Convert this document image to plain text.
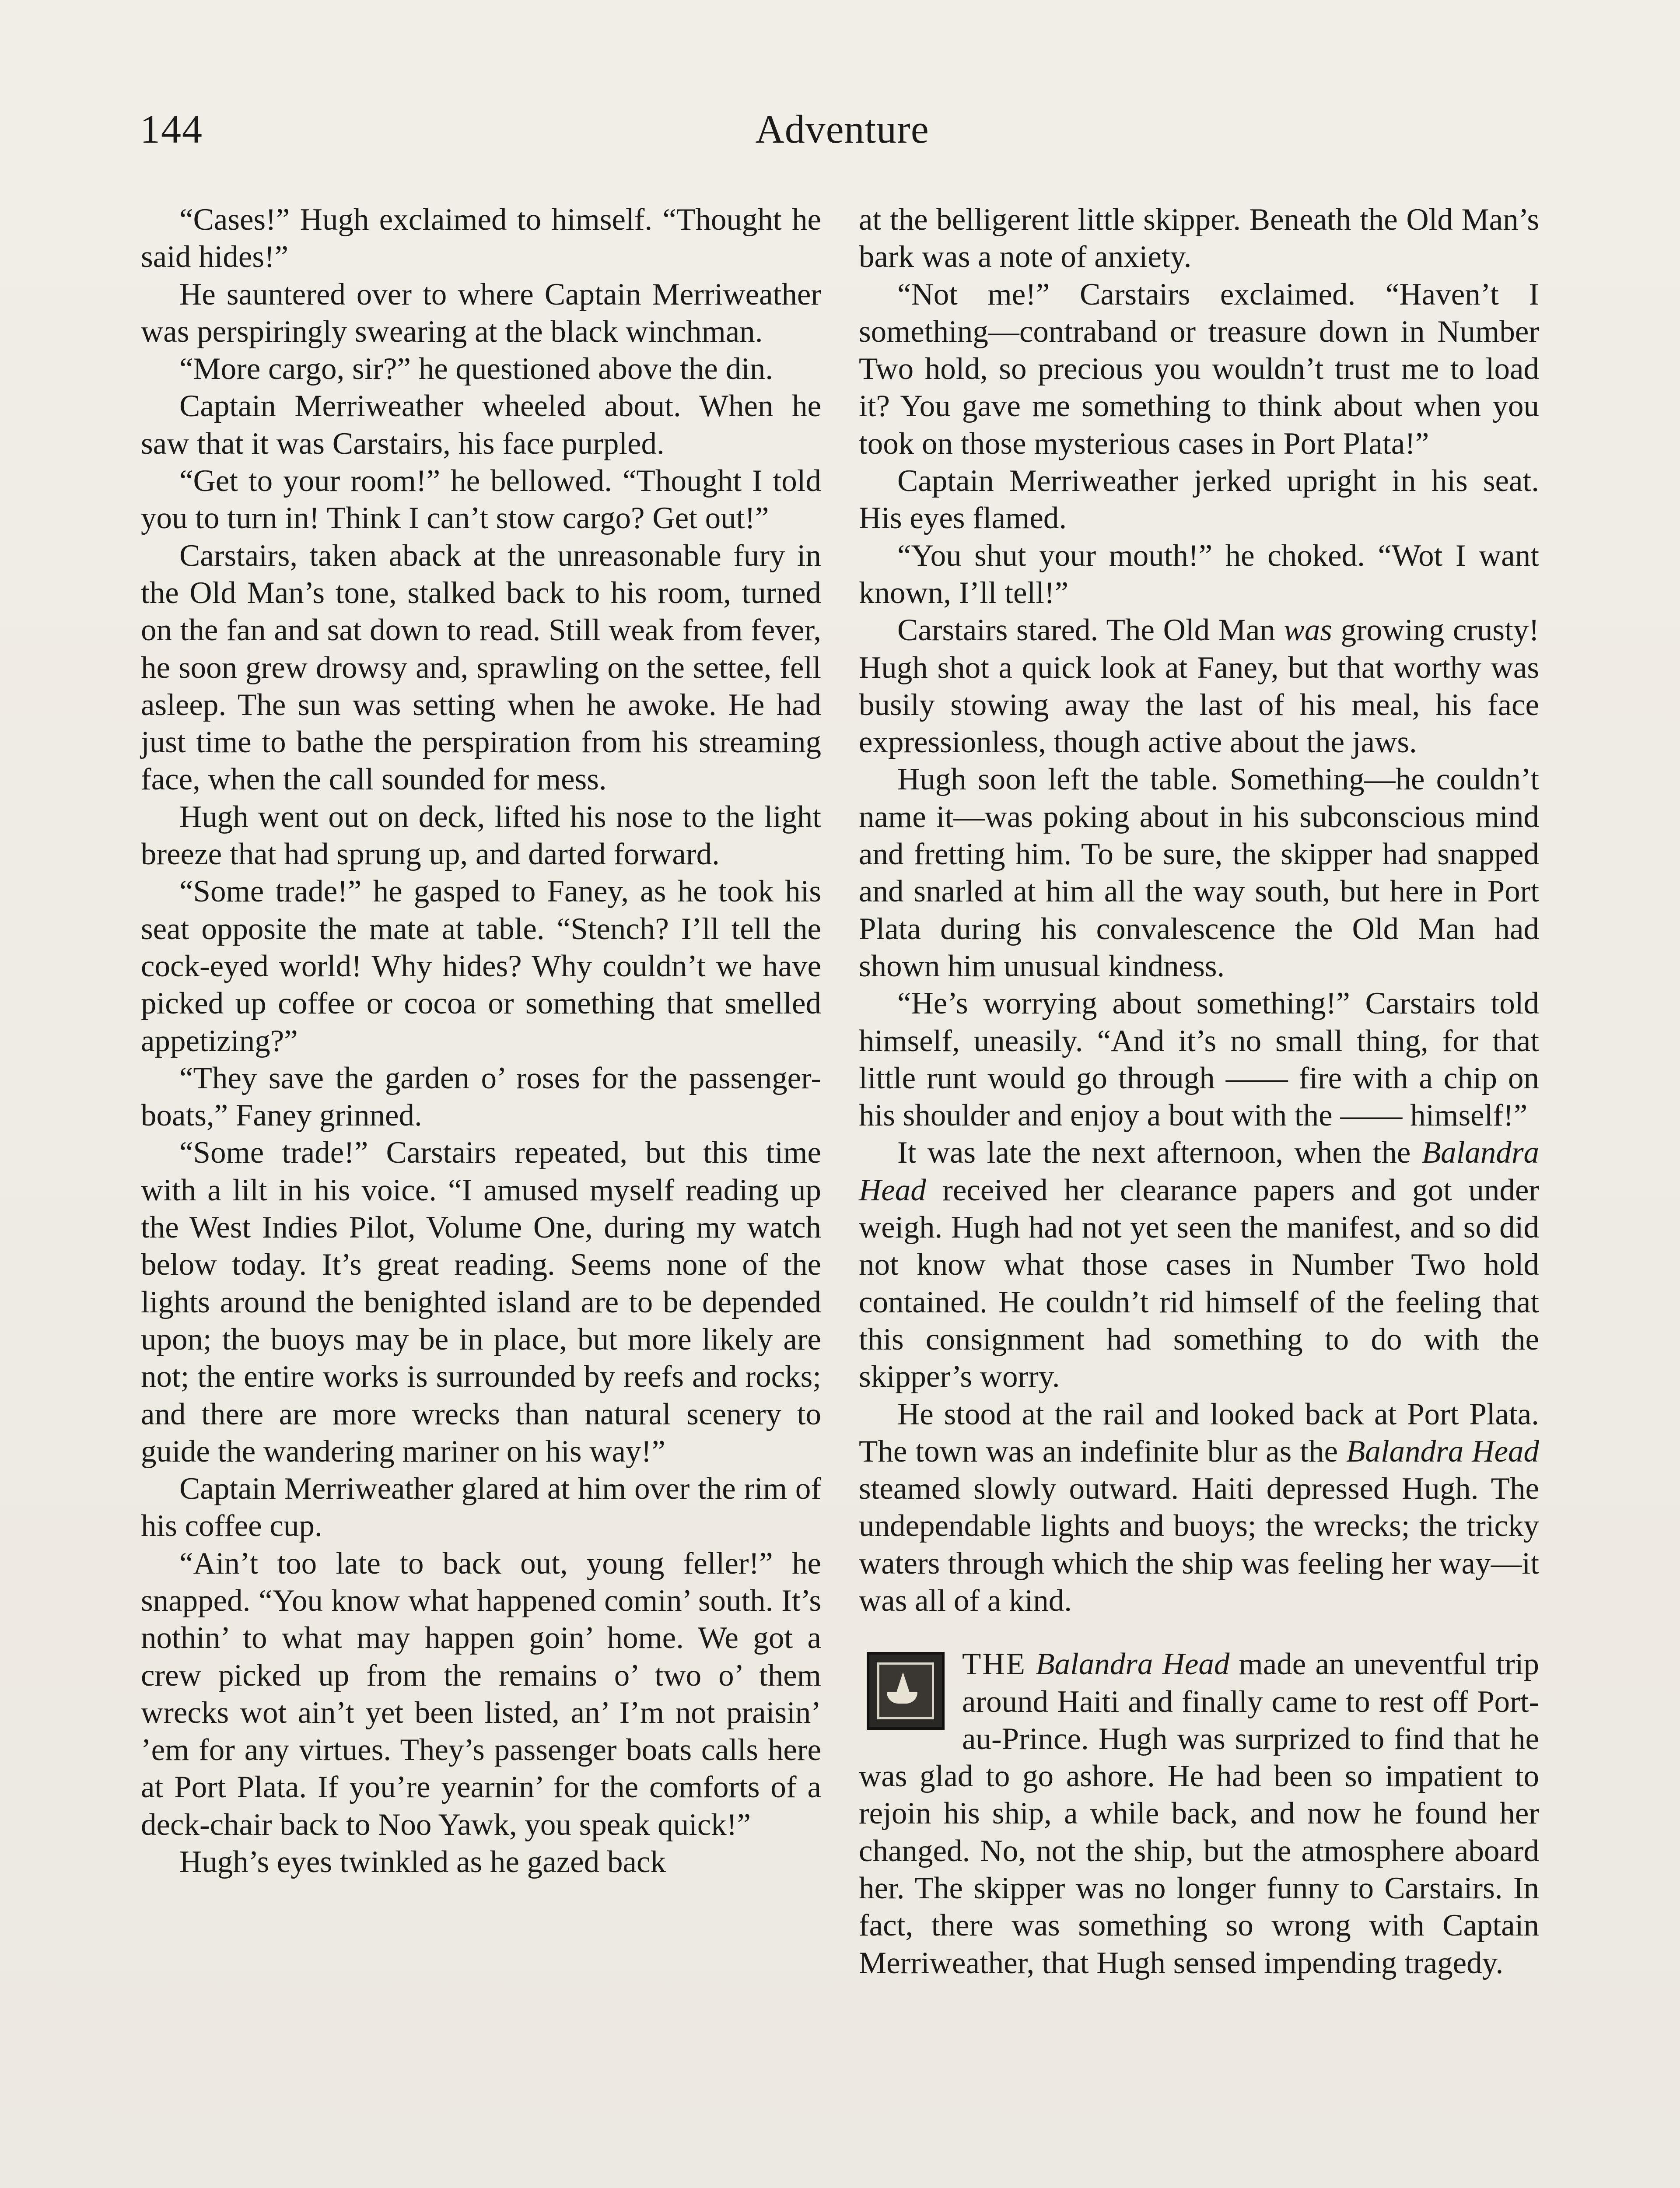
144	Adventure

“Cases!” Hugh exclaimed to himself. “Thought he said hides!”

He sauntered over to where Captain Merriweather was perspiringly swearing at the black winchman.

“More cargo, sir?” he questioned above the din.

Captain Merriweather wheeled about. When he saw that it was Carstairs, his face purpled.

“Get to your room!” he bellowed. “Thought I told you to turn in! Think I can’t stow cargo? Get out!”

Carstairs, taken aback at the unreasonable fury in the Old Man’s tone, stalked back to his room, turned on the fan and sat down to read. Still weak from fever, he soon grew drowsy and, sprawling on the settee, fell asleep. The sun was setting when he awoke. He had just time to bathe the perspiration from his streaming face, when the call sounded for mess.

Hugh went out on deck, lifted his nose to the light breeze that had sprung up, and darted forward.

“Some trade!” he gasped to Faney, as he took his seat opposite the mate at table. “Stench? I’ll tell the cock-eyed world! Why hides? Why couldn’t we have picked up coffee or cocoa or something that smelled appetizing?”

“They save the garden o’ roses for the passenger-boats,” Faney grinned.

“Some trade!” Carstairs repeated, but this time with a lilt in his voice. “I amused myself reading up the West Indies Pilot, Volume One, during my watch below today. It’s great reading. Seems none of the lights around the benighted island are to be depended upon; the buoys may be in place, but more likely are not; the entire works is surrounded by reefs and rocks; and there are more wrecks than natural scenery to guide the wandering mariner on his way!”

Captain Merriweather glared at him over the rim of his coffee cup.

“Ain’t too late to back out, young feller!” he snapped. “You know what happened comin’ south. It’s nothin’ to what may happen goin’ home. We got a crew picked up from the remains o’ two o’ them wrecks wot ain’t yet been listed, an’ I’m not praisin’ ’em for any virtues. They’s passenger boats calls here at Port Plata. If you’re yearnin’ for the comforts of a deck-chair back to Noo Yawk, you speak quick!”

Hugh’s eyes twinkled as he gazed back

at the belligerent little skipper. Beneath the Old Man’s bark was a note of anxiety.

“Not me!” Carstairs exclaimed. “Haven’t I something—contraband or treasure down in Number Two hold, so precious you wouldn’t trust me to load it? You gave me something to think about when you took on those mysterious cases in Port Plata!”

Captain Merriweather jerked upright in his seat. His eyes flamed.

“You shut your mouth!” he choked. “Wot I want known, I’ll tell!”

Carstairs stared. The Old Man was growing crusty! Hugh shot a quick look at Faney, but that worthy was busily stowing away the last of his meal, his face expressionless, though active about the jaws.

Hugh soon left the table. Something—he couldn’t name it—was poking about in his subconscious mind and fretting him. To be sure, the skipper had snapped and snarled at him all the way south, but here in Port Plata during his convalescence the Old Man had shown him unusual kindness.

“He’s worrying about something!” Carstairs told himself, uneasily. “And it’s no small thing, for that little runt would go through —— fire with a chip on his shoulder and enjoy a bout with the —— himself!”

It was late the next afternoon, when the Balandra Head received her clearance papers and got under weigh. Hugh had not yet seen the manifest, and so did not know what those cases in Number Two hold contained. He couldn’t rid himself of the feeling that this consignment had something to do with the skipper’s worry.

He stood at the rail and looked back at Port Plata. The town was an indefinite blur as the Balandra Head steamed slowly outward. Haiti depressed Hugh. The undependable lights and buoys; the wrecks; the tricky waters through which the ship was feeling her way—it was all of a kind.

THE Balandra Head made an uneventful trip around Haiti and finally came to rest off Port-au-Prince. Hugh was surprized to find that he was glad to go ashore. He had been so impatient to rejoin his ship, a while back, and now he found her changed. No, not the ship, but the atmosphere aboard her. The skipper was no longer funny to Carstairs. In fact, there was something so wrong with Captain Merriweather, that Hugh sensed impending tragedy.
